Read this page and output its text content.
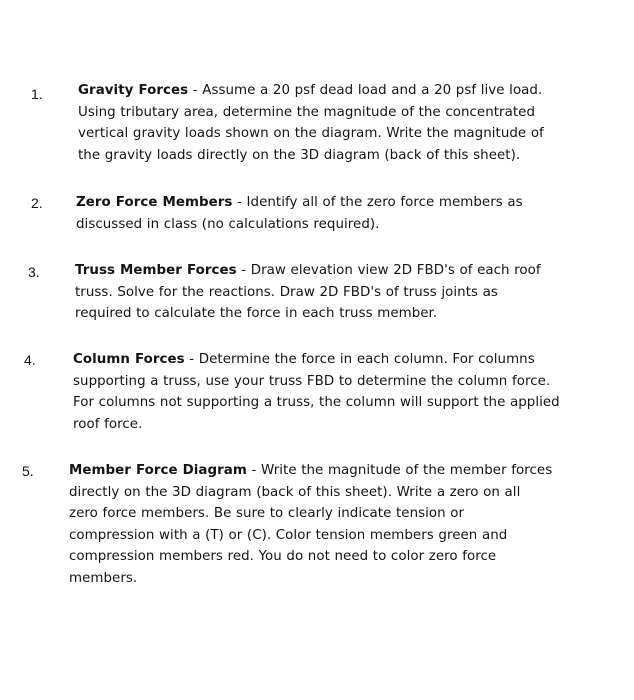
1.	Gravity Forces - Assume a 20 psf dead load and a 20 psf live load.
Using tributary area, determine the magnitude of the concentrated
vertical gravity loads shown on the diagram. Write the magnitude of
the gravity loads directly on the 3D diagram (back of this sheet).
2. Zero Force Members - Identify all of the zero force members as
discussed in class (no calculations required).
3.	Truss Member Forces - Draw elevation view 2D FBD's of each roof
truss. Solve for the reactions. Draw 2D FBD's of truss joints as
required to calculate the force in each truss member.
4.	Column Forces - Determine the force in each column. For columns
supporting a truss, use your truss FBD to determine the column force.
For columns not supporting a truss, the column will support the applied
roof force.
5.	Member Force Diagram - Write the magnitude of the member forces
directly on the 3D diagram (back of this sheet). Write a zero on all
zero force members. Be sure to clearly indicate tension or
compression with a (T) or (C). Color tension members green and
compression members red. You do not need to color zero force
members.
